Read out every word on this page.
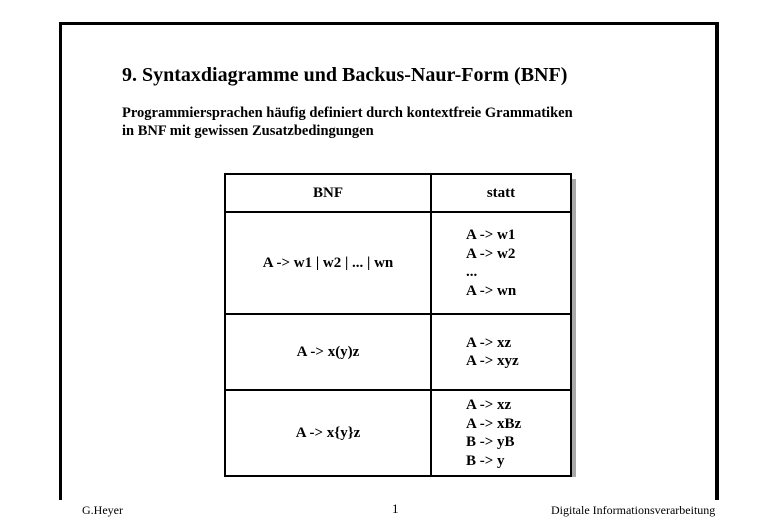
9. Syntaxdiagramme und Backus-Naur-Form (BNF)
Programmiersprachen häufig definiert durch kontextfreie Grammatiken
in BNF mit gewissen Zusatzbedingungen
BNF	statt
A -> w1 | w2 | ... | wn	A -> w1
A -> w2
...
A -> wn

A -> x(y)z	A -> xz
A -> xyz

A -> x{y}z	A -> xz
A -> xBz
B -> yB
B -> y
G.Heyer	1	Digitale Informationsverarbeitung
